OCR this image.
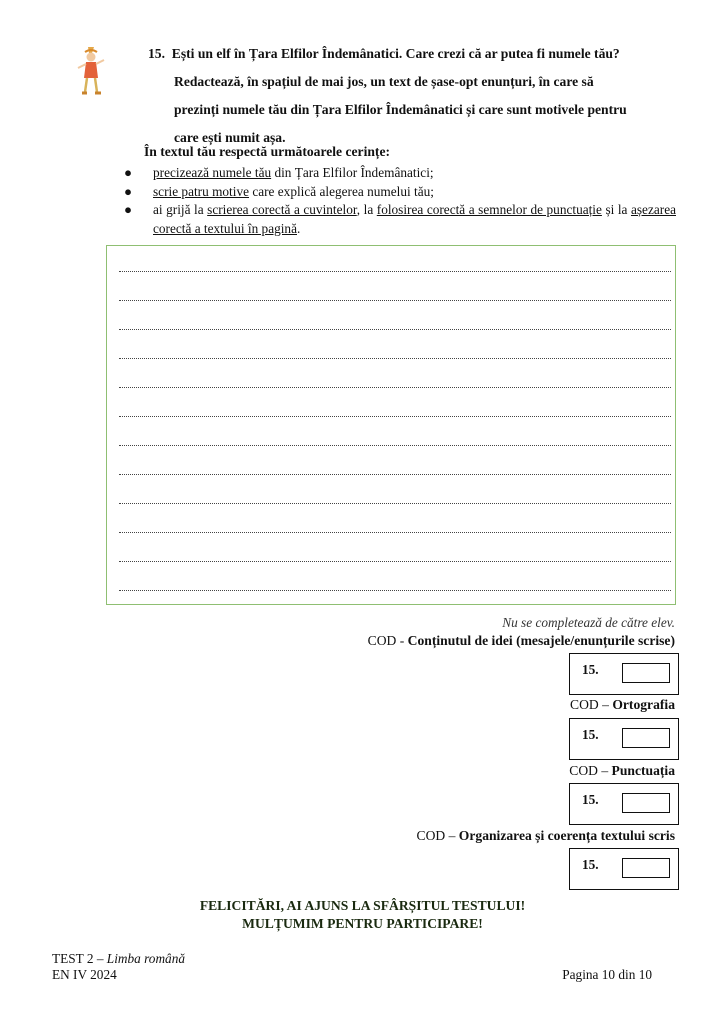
15. Ești un elf în Țara Elfilor Îndemânatici. Care crezi că ar putea fi numele tău?
Redactează, în spațiul de mai jos, un text de șase-opt enunțuri, în care să
prezinți numele tău din Țara Elfilor Îndemânatici și care sunt motivele pentru
care ești numit așa.
În textul tău respectă următoarele cerințe:
● precizează numele tău din Țara Elfilor Îndemânatici;
● scrie patru motive care explică alegerea numelui tău;
● ai grijă la scrierea corectă a cuvintelor, la folosirea corectă a semnelor de punctuație și la așezarea corectă a textului în pagină.
Nu se completează de către elev.
COD - Conținutul de idei (mesajele/enunțurile scrise)
15.
COD – Ortografia
15.
COD – Punctuația
15.
COD – Organizarea și coerența textului scris
15.
FELICITĂRI, AI AJUNS LA SFÂRȘITUL TESTULUI!
MULȚUMIM PENTRU PARTICIPARE!
TEST 2 – Limba română
EN IV 2024	Pagina 10 din 10
